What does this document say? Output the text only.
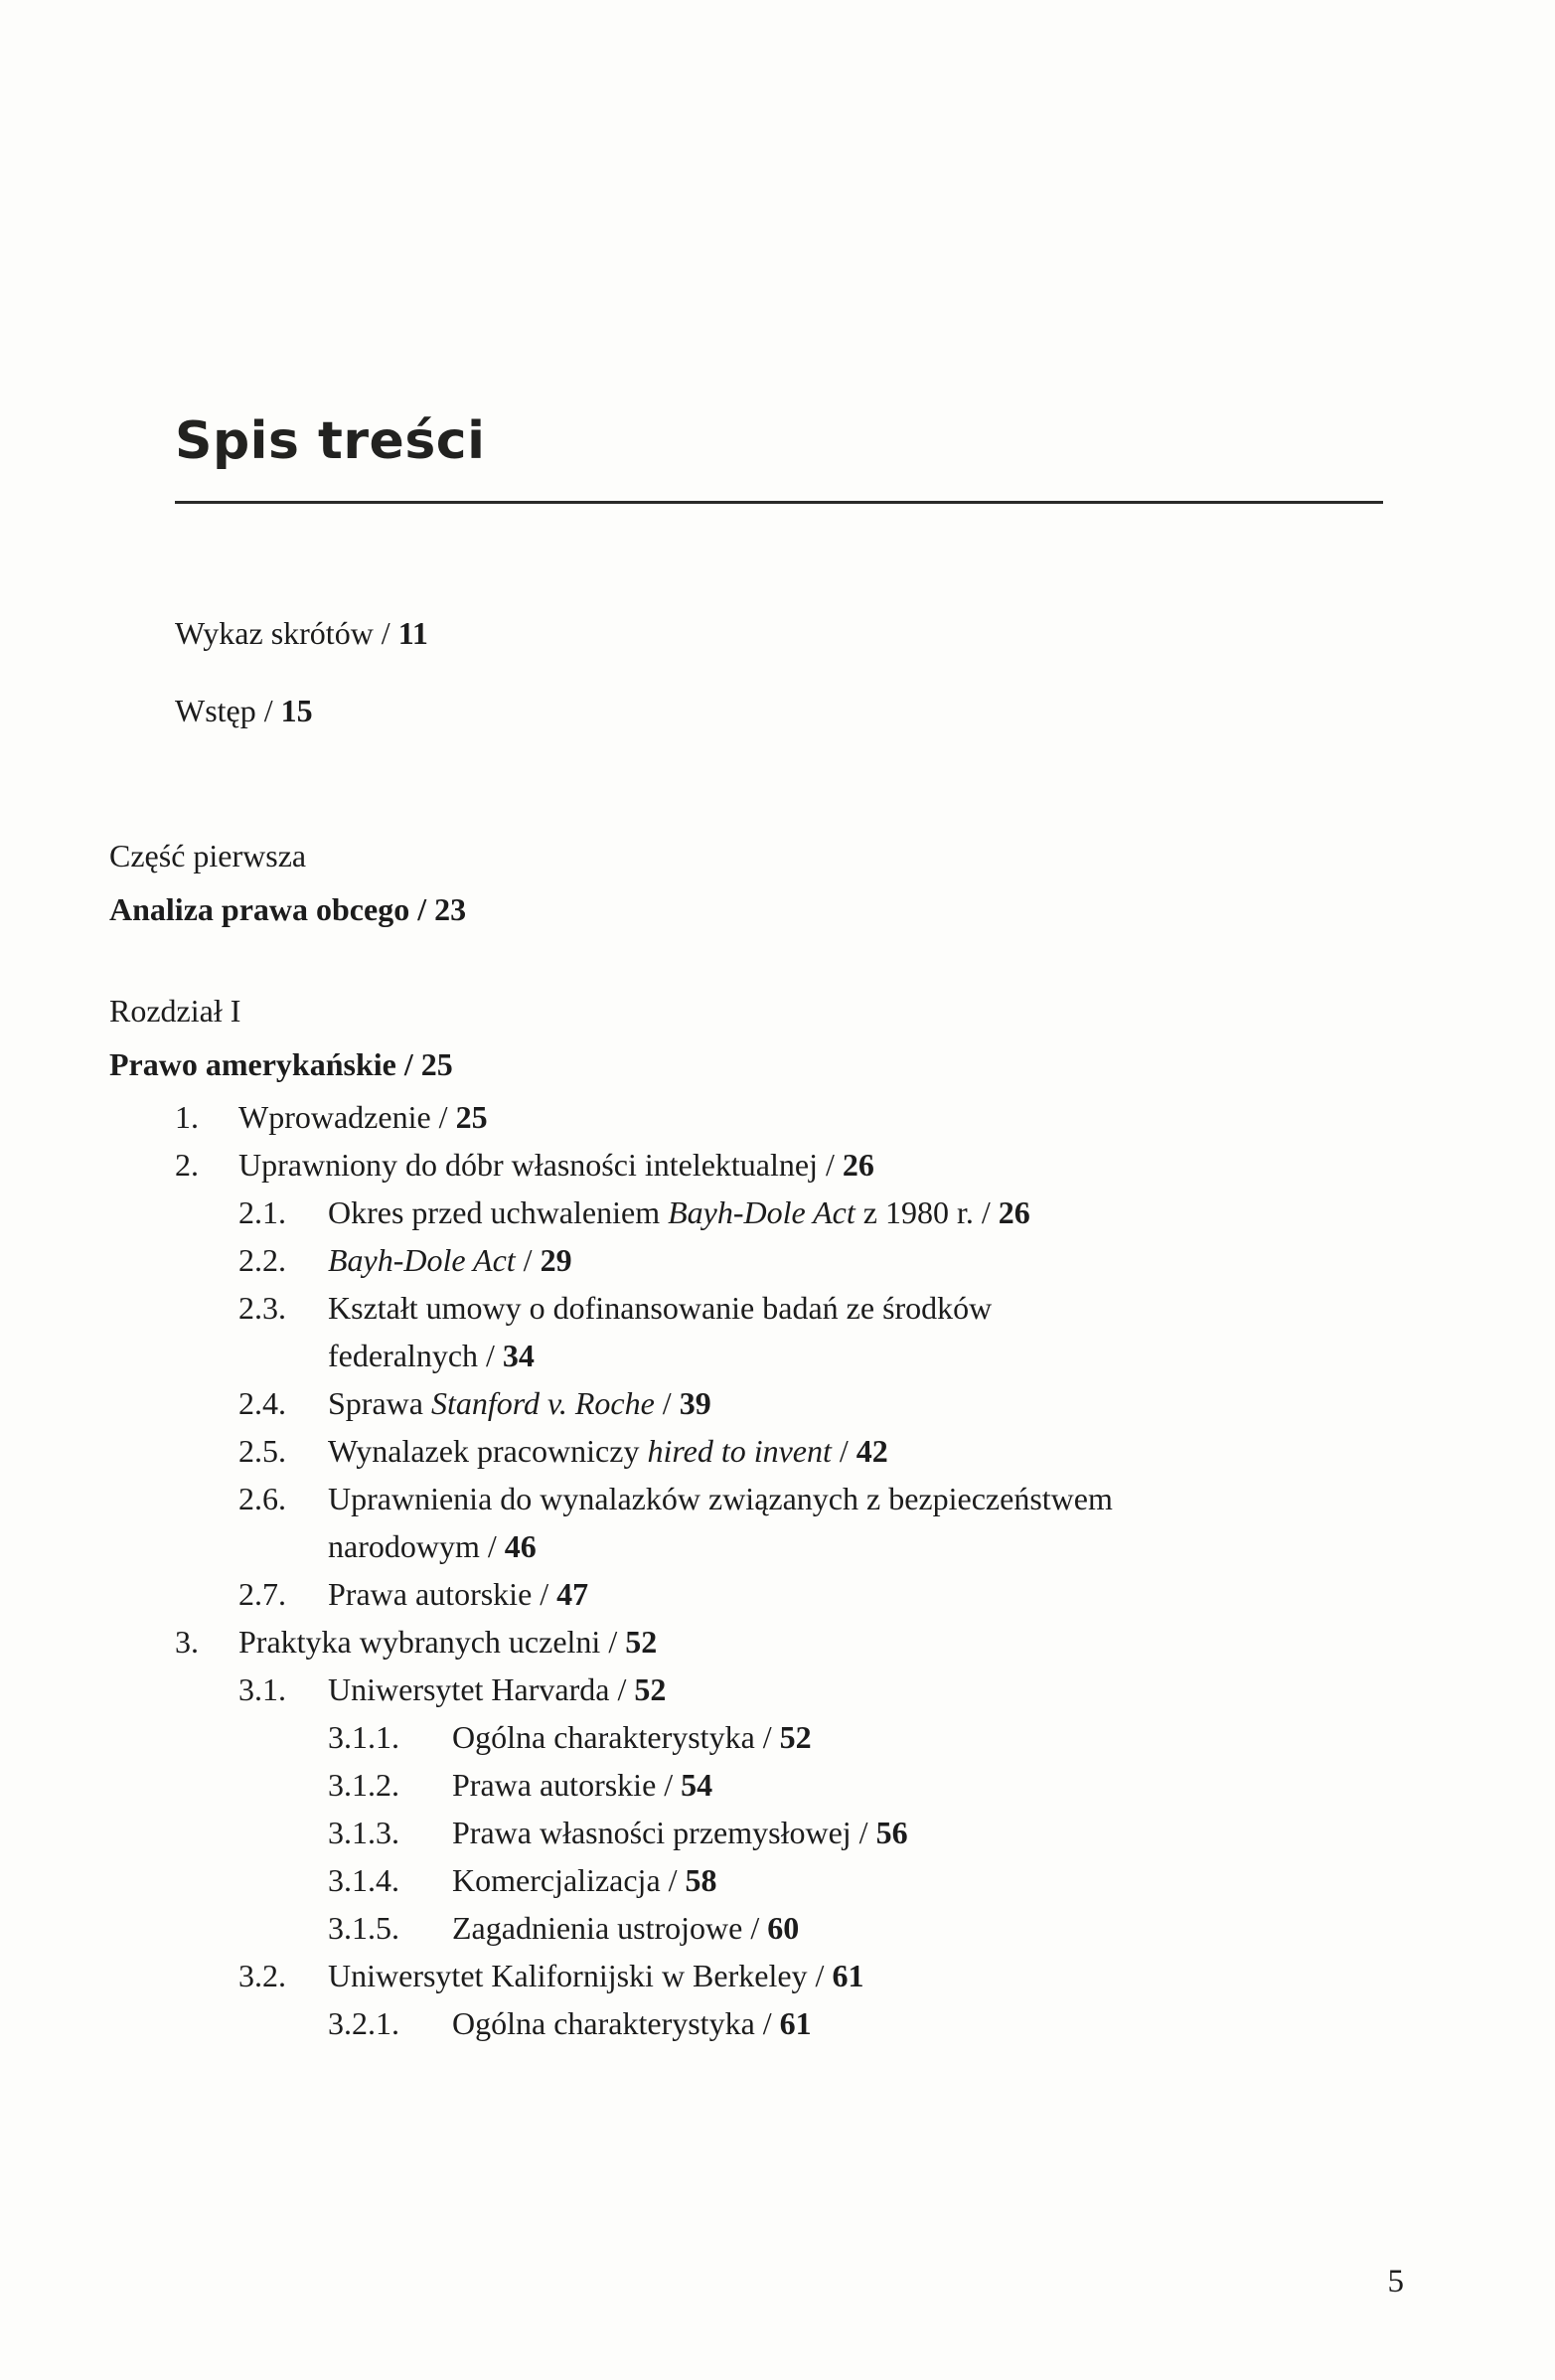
Spis treści
Wykaz skrótów / 11
Wstęp / 15
Część pierwsza
Analiza prawa obcego / 23
Rozdział I
Prawo amerykańskie / 25
1.	Wprowadzenie / 25
2.	Uprawniony do dóbr własności intelektualnej / 26
2.1.	Okres przed uchwaleniem Bayh-Dole Act z 1980 r. / 26
2.2.	Bayh-Dole Act / 29
2.3.	Kształt umowy o dofinansowanie badań ze środków
federalnych / 34
2.4.	Sprawa Stanford v. Roche / 39
2.5.	Wynalazek pracowniczy hired to invent / 42
2.6.	Uprawnienia do wynalazków związanych z bezpieczeństwem
narodowym / 46
2.7.	Prawa autorskie / 47
3.	Praktyka wybranych uczelni / 52
3.1.	Uniwersytet Harvarda / 52
3.1.1.	Ogólna charakterystyka / 52
3.1.2.	Prawa autorskie / 54
3.1.3.	Prawa własności przemysłowej / 56
3.1.4.	Komercjalizacja / 58
3.1.5.	Zagadnienia ustrojowe / 60
3.2.	Uniwersytet Kalifornijski w Berkeley / 61
3.2.1.	Ogólna charakterystyka / 61
5
